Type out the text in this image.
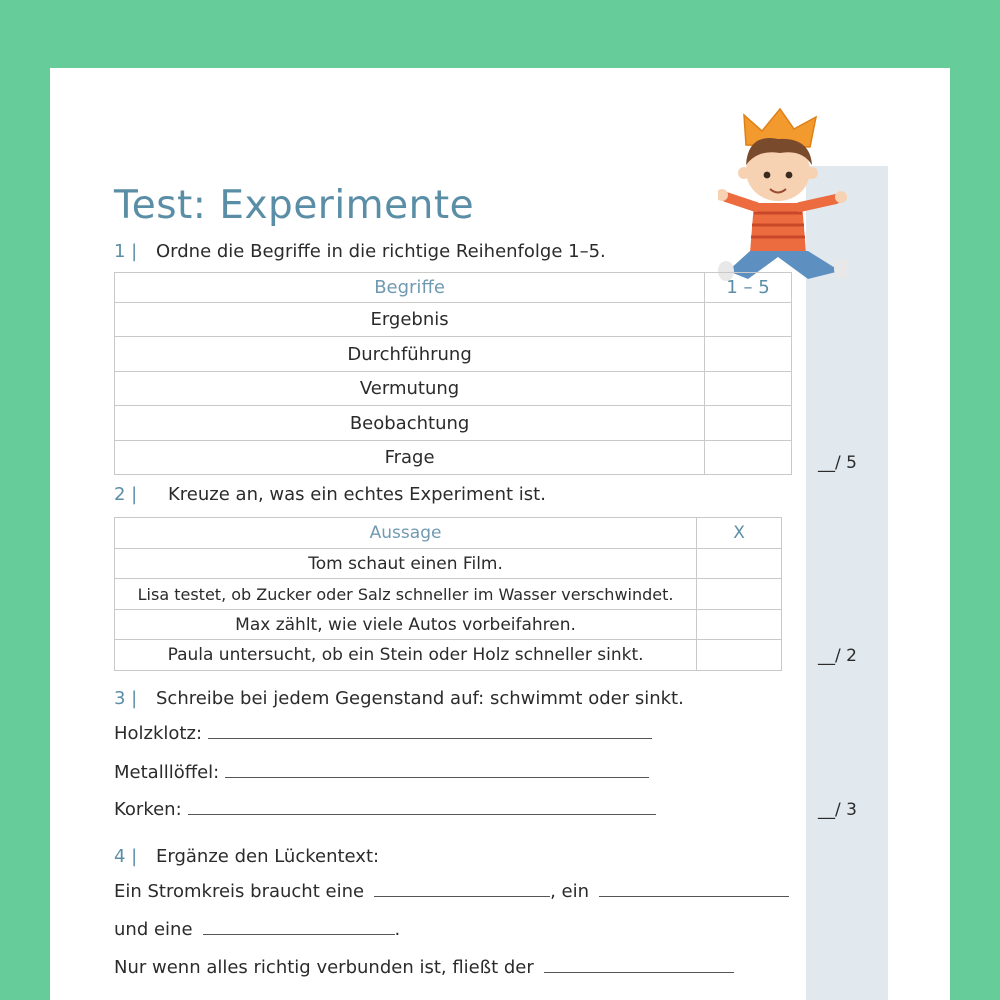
Test: Experimente
1 | Ordne die Begriffe in die richtige Reihenfolge 1–5.
Begriffe	1 – 5
Ergebnis	
Durchführung	
Vermutung	
Beobachtung	
Frage		__/ 5
2 | Kreuze an, was ein echtes Experiment ist.
Aussage	X
Tom schaut einen Film.	
Lisa testet, ob Zucker oder Salz schneller im Wasser verschwindet.	
Max zählt, wie viele Autos vorbeifahren.	
Paula untersucht, ob ein Stein oder Holz schneller sinkt.		__/ 2
3 | Schreibe bei jedem Gegenstand auf: schwimmt oder sinkt.
Holzklotz:
Metalllöffel:
Korken:	__/ 3
4 | Ergänze den Lückentext:
Ein Stromkreis braucht eine	, ein
und eine	.
Nur wenn alles richtig verbunden ist, fließt der
